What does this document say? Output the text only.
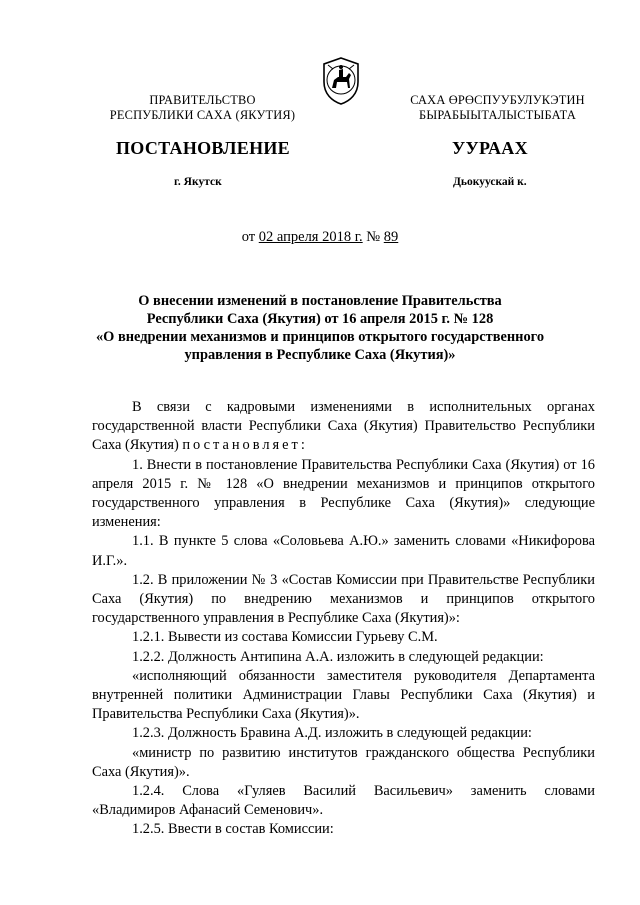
ПРАВИТЕЛЬСТВО
РЕСПУБЛИКИ САХА (ЯКУТИЯ)
САХА ӨРӨСПУУБУЛУКЭТИН
БЫРАБЫЫТАЛЫСТЫБАТА
ПОСТАНОВЛЕНИЕ	УУРААХ
г. Якутск	Дьокуускай к.
от 02 апреля 2018 г. № 89
О внесении изменений в постановление Правительства
Республики Саха (Якутия) от 16 апреля 2015 г. № 128
«О внедрении механизмов и принципов открытого государственного
управления в Республике Саха (Якутия)»

В связи с кадровыми изменениями в исполнительных органах государственной власти Республики Саха (Якутия) Правительство Республики Саха (Якутия) постановляет:

1. Внести в постановление Правительства Республики Саха (Якутия) от 16 апреля 2015 г. № 128 «О внедрении механизмов и принципов открытого государственного управления в Республике Саха (Якутия)» следующие изменения:

1.1. В пункте 5 слова «Соловьева А.Ю.» заменить словами «Никифорова И.Г.».

1.2. В приложении № 3 «Состав Комиссии при Правительстве Республики Саха (Якутия) по внедрению механизмов и принципов открытого государственного управления в Республике Саха (Якутия)»:

1.2.1. Вывести из состава Комиссии Гурьеву С.М.

1.2.2. Должность Антипина А.А. изложить в следующей редакции:

«исполняющий обязанности заместителя руководителя Департамента внутренней политики Администрации Главы Республики Саха (Якутия) и Правительства Республики Саха (Якутия)».

1.2.3. Должность Бравина А.Д. изложить в следующей редакции:

«министр по развитию институтов гражданского общества Республики Саха (Якутия)».

1.2.4. Слова «Гуляев Василий Васильевич» заменить словами «Владимиров Афанасий Семенович».

1.2.5. Ввести в состав Комиссии:
